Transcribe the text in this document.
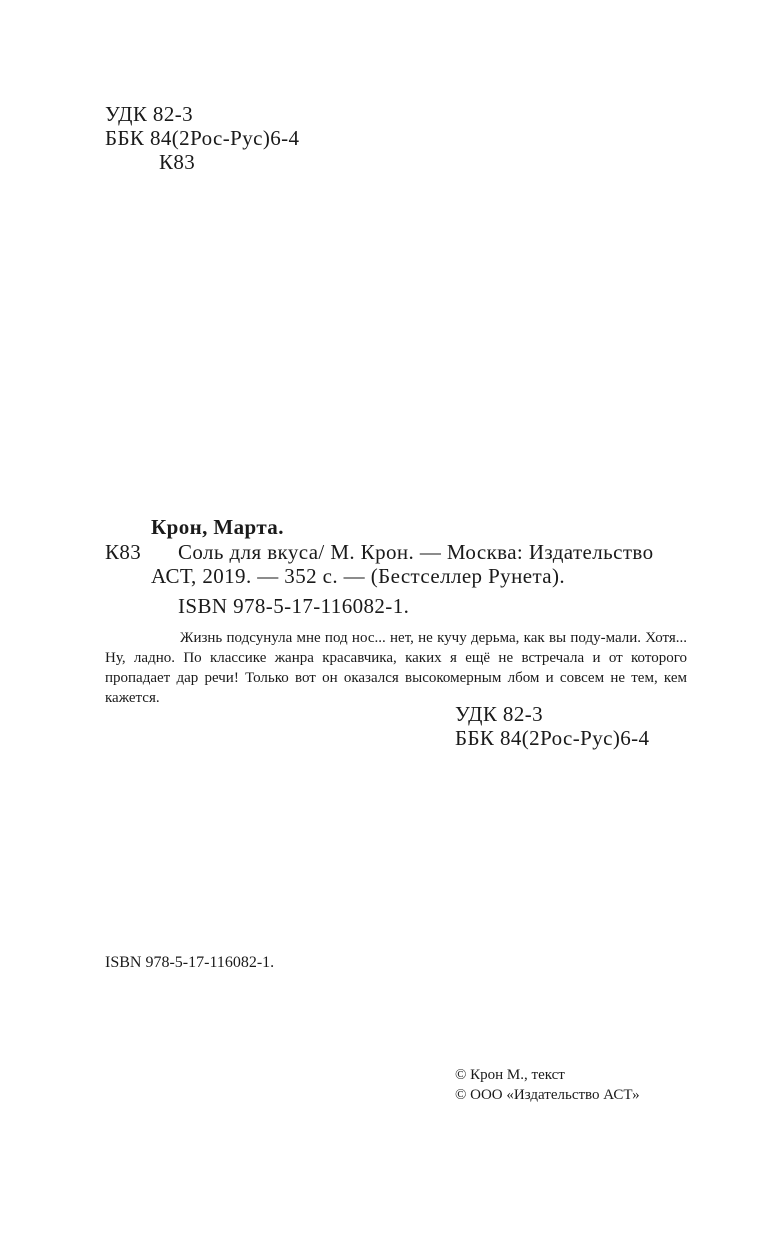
УДК 82-3
ББК 84(2Рос-Рус)6-4
К83
Крон, Марта.
К83 Соль для вкуса/ М. Крон. — Москва: Издательство
АСТ, 2019. — 352 с. — (Бестселлер Рунета).
ISBN 978-5-17-116082-1.

Жизнь подсунула мне под нос... нет, не кучу дерьма, как вы поду-мали. Хотя... Ну, ладно. По классике жанра красавчика, каких я ещё не встречала и от которого пропадает дар речи! Только вот он оказался высокомерным лбом и совсем не тем, кем кажется.

УДК 82-3
ББК 84(2Рос-Рус)6-4
ISBN 978-5-17-116082-1.
© Крон М., текст
© ООО «Издательство АСТ»
